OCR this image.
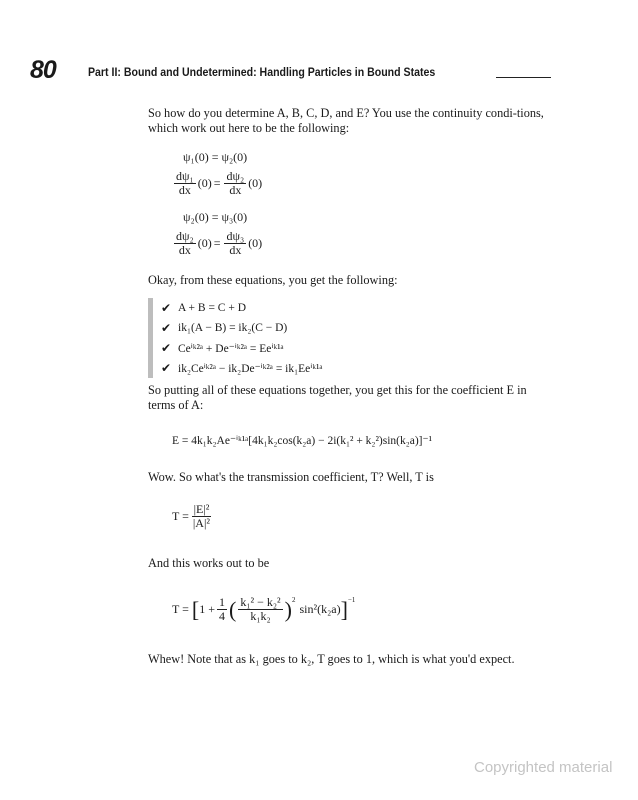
80	Part II: Bound and Undetermined: Handling Particles in Bound States
So how do you determine A, B, C, D, and E? You use the continuity condi-tions, which work out here to be the following:
ψ₁(0) = ψ₂(0)
$\frac{\text{dψ₁}}{dx} (0) = \frac{\text{dψ₂}}{dx} (0)$
ψ₂(0) = ψ₃(0)
$\frac{\text{dψ₂}}{dx} (0) = \frac{\text{dψ₃}}{dx} (0)$
Okay, from these equations, you get the following:
✔ A + B = C + D
✔ ik₁(A − B) = ik₂(C − D)
✔ Ceⁱᵏ²ᵃ + De⁻ⁱᵏ²ᵃ = Eeⁱᵏ¹ᵃ
✔ ik₂Ceⁱᵏ²ᵃ − ik₂De⁻ⁱᵏ²ᵃ = ik₁Eeⁱᵏ¹ᵃ
So putting all of these equations together, you get this for the coefficient E in terms of A:
E = 4k₁k₂Ae⁻ⁱᵏ¹ᵃ[4k₁k₂cos(k₂a) − 2i(k₁² + k₂²)sin(k₂a)]⁻¹
Wow. So what's the transmission coefficient, T? Well, T is
$T = \frac{\text{|E|²}}{\text{|A|²}}$
And this works out to be
T = [ $1 + \frac{1}{4}$ ( $\frac{\text{k₁² − k₂²}}{\text{k₁k₂}} )^2$
sin²(k₂a) ]$^{-1}$
Whew! Note that as k₁ goes to k₂, T goes to 1, which is what you'd expect.
Copyrighted material
